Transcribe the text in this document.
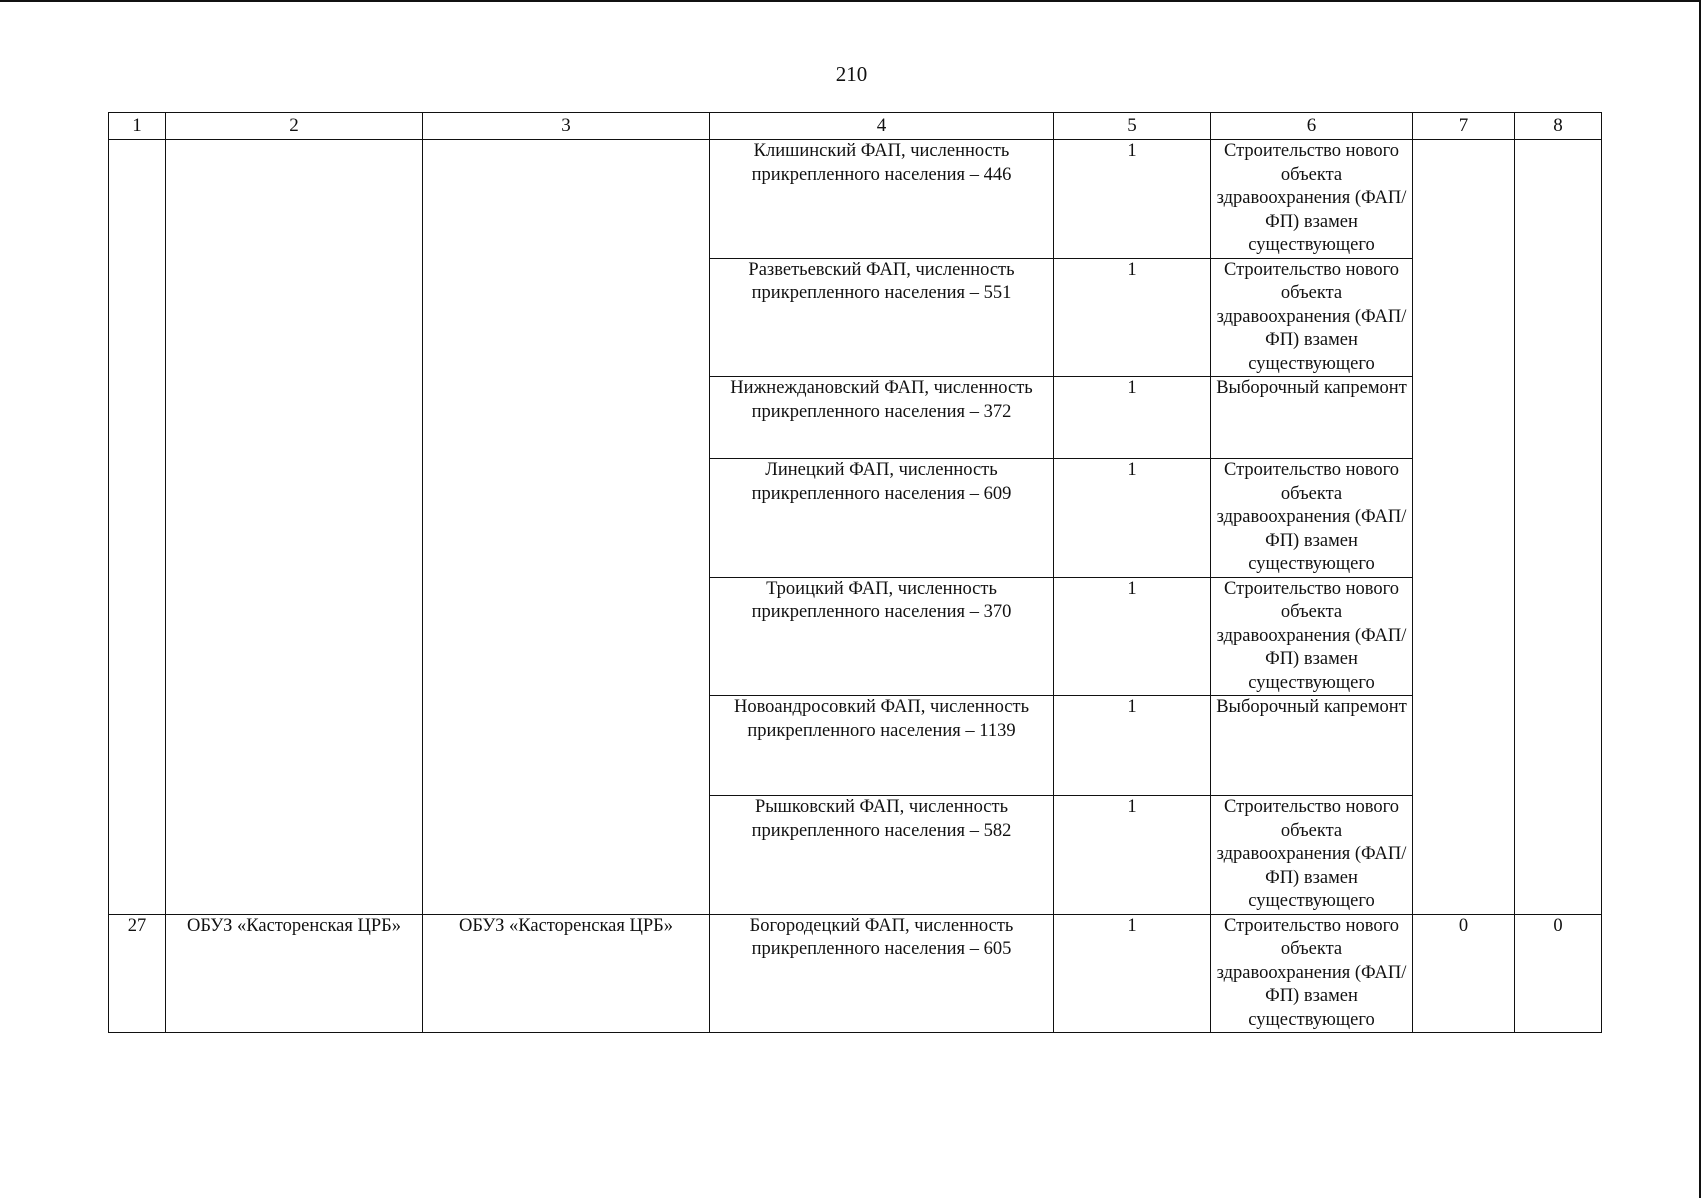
210
1	2	3	4	5	6	7	8
			Клишинский ФАП, численность прикрепленного населения – 446	1	Строительство нового объекта здравоохранения (ФАП/ФП) взамен существующего		
			Разветьевский ФАП, численность прикрепленного населения – 551	1	Строительство нового объекта здравоохранения (ФАП/ФП) взамен существующего		
			Нижнеждановский ФАП, численность прикрепленного населения – 372	1	Выборочный капремонт		
			Линецкий ФАП, численность прикрепленного населения – 609	1	Строительство нового объекта здравоохранения (ФАП/ФП) взамен существующего		
			Троицкий ФАП, численность прикрепленного населения – 370	1	Строительство нового объекта здравоохранения (ФАП/ФП) взамен существующего		
			Новоандросовкий ФАП, численность прикрепленного населения – 1139	1	Выборочный капремонт		
			Рышковский ФАП, численность прикрепленного населения – 582	1	Строительство нового объекта здравоохранения (ФАП/ФП) взамен существующего		
27	ОБУЗ «Касторенская ЦРБ»	ОБУЗ «Касторенская ЦРБ»	Богородецкий ФАП, численность прикрепленного населения – 605	1	Строительство нового объекта здравоохранения (ФАП/ФП) взамен существующего	0	0
